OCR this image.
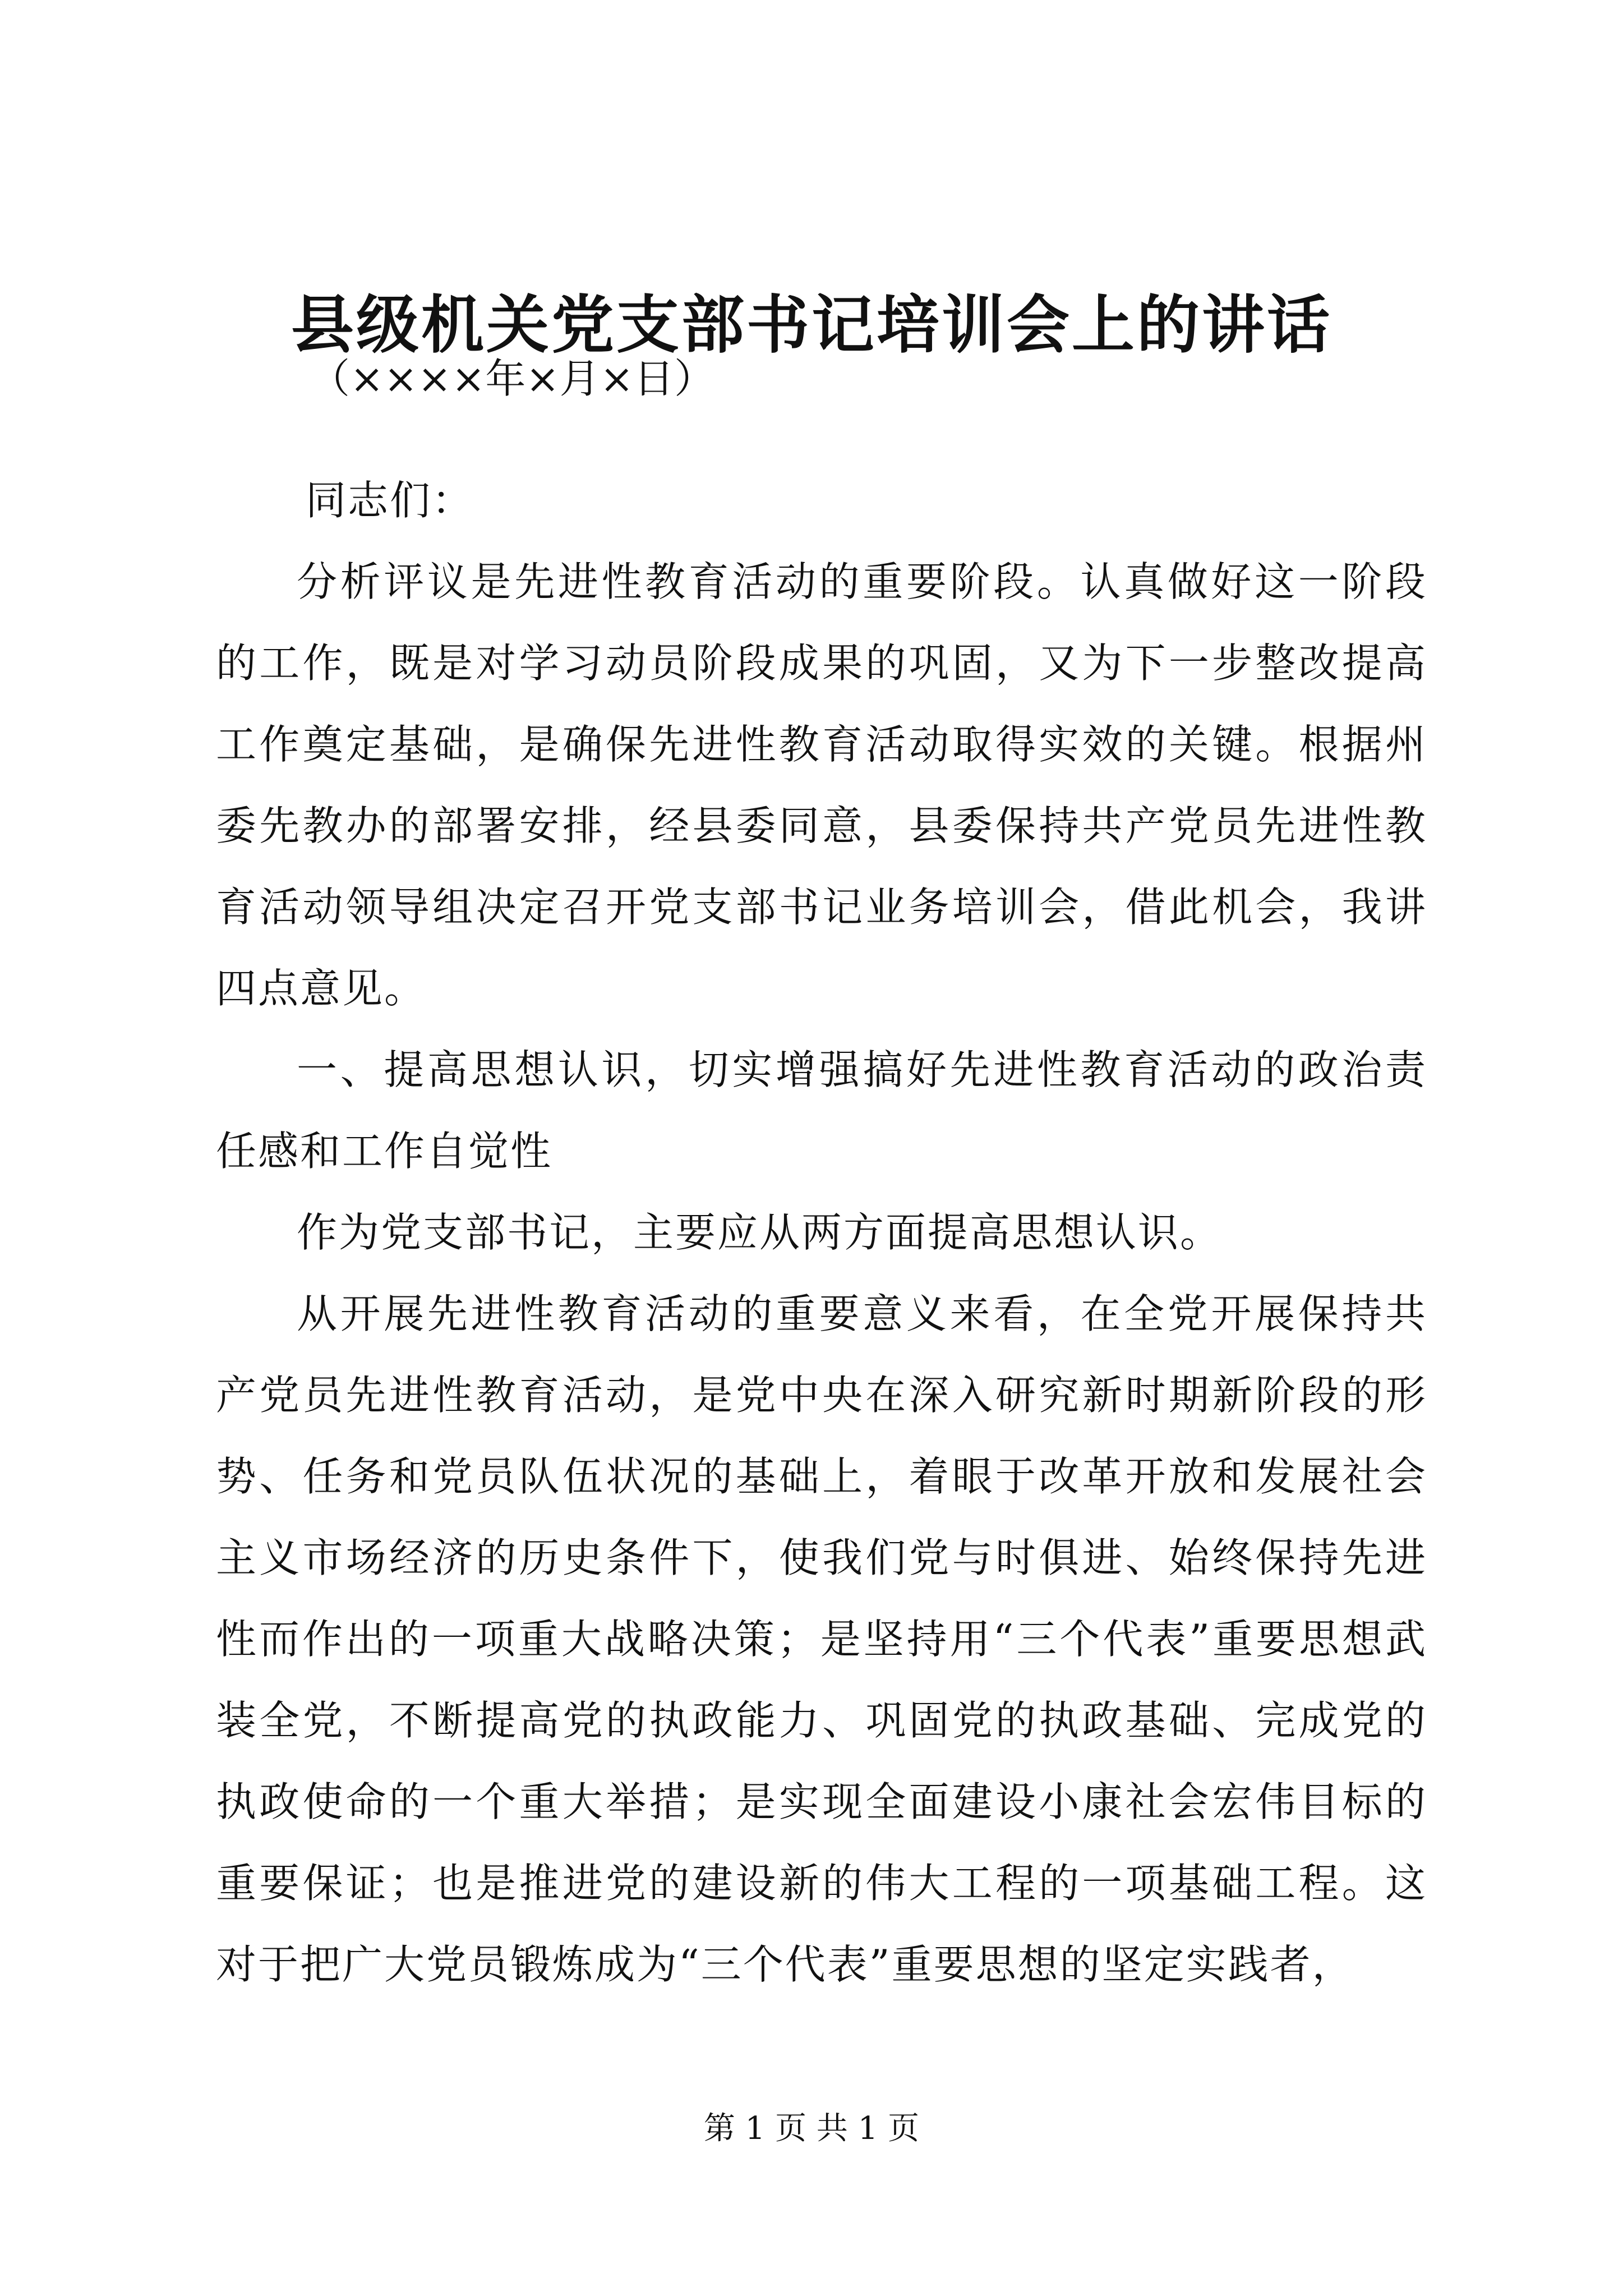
县级机关党支部书记培训会上的讲话

（××××年×月×日）

同志们：

分析评议是先进性教育活动的重要阶段。认真做好这一阶段的工作，既是对学习动员阶段成果的巩固，又为下一步整改提高工作奠定基础，是确保先进性教育活动取得实效的关键。根据州委先教办的部署安排，经县委同意，县委保持共产党员先进性教育活动领导组决定召开党支部书记业务培训会，借此机会，我讲四点意见。

一、提高思想认识，切实增强搞好先进性教育活动的政治责任感和工作自觉性

作为党支部书记，主要应从两方面提高思想认识。

从开展先进性教育活动的重要意义来看，在全党开展保持共产党员先进性教育活动，是党中央在深入研究新时期新阶段的形势、任务和党员队伍状况的基础上，着眼于改革开放和发展社会主义市场经济的历史条件下，使我们党与时俱进、始终保持先进性而作出的一项重大战略决策；是坚持用“三个代表”重要思想武装全党，不断提高党的执政能力、巩固党的执政基础、完成党的执政使命的一个重大举措；是实现全面建设小康社会宏伟目标的重要保证；也是推进党的建设新的伟大工程的一项基础工程。这对于把广大党员锻炼成为“三个代表”重要思想的坚定实践者，

第 1 页 共 1 页
